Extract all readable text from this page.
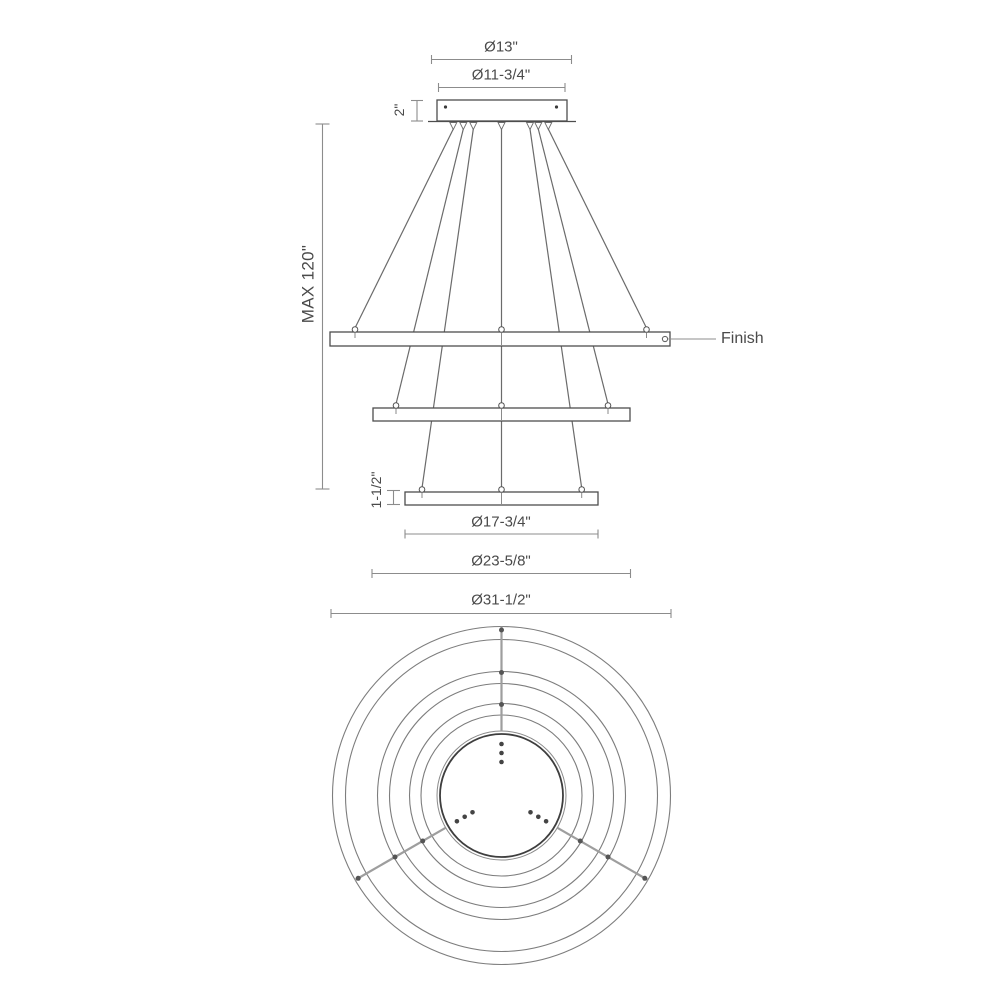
Ø13"
Ø11-3/4"
2"
MAX 120"
Finish
1-1/2"
Ø17-3/4"
Ø23-5/8"
Ø31-1/2"
